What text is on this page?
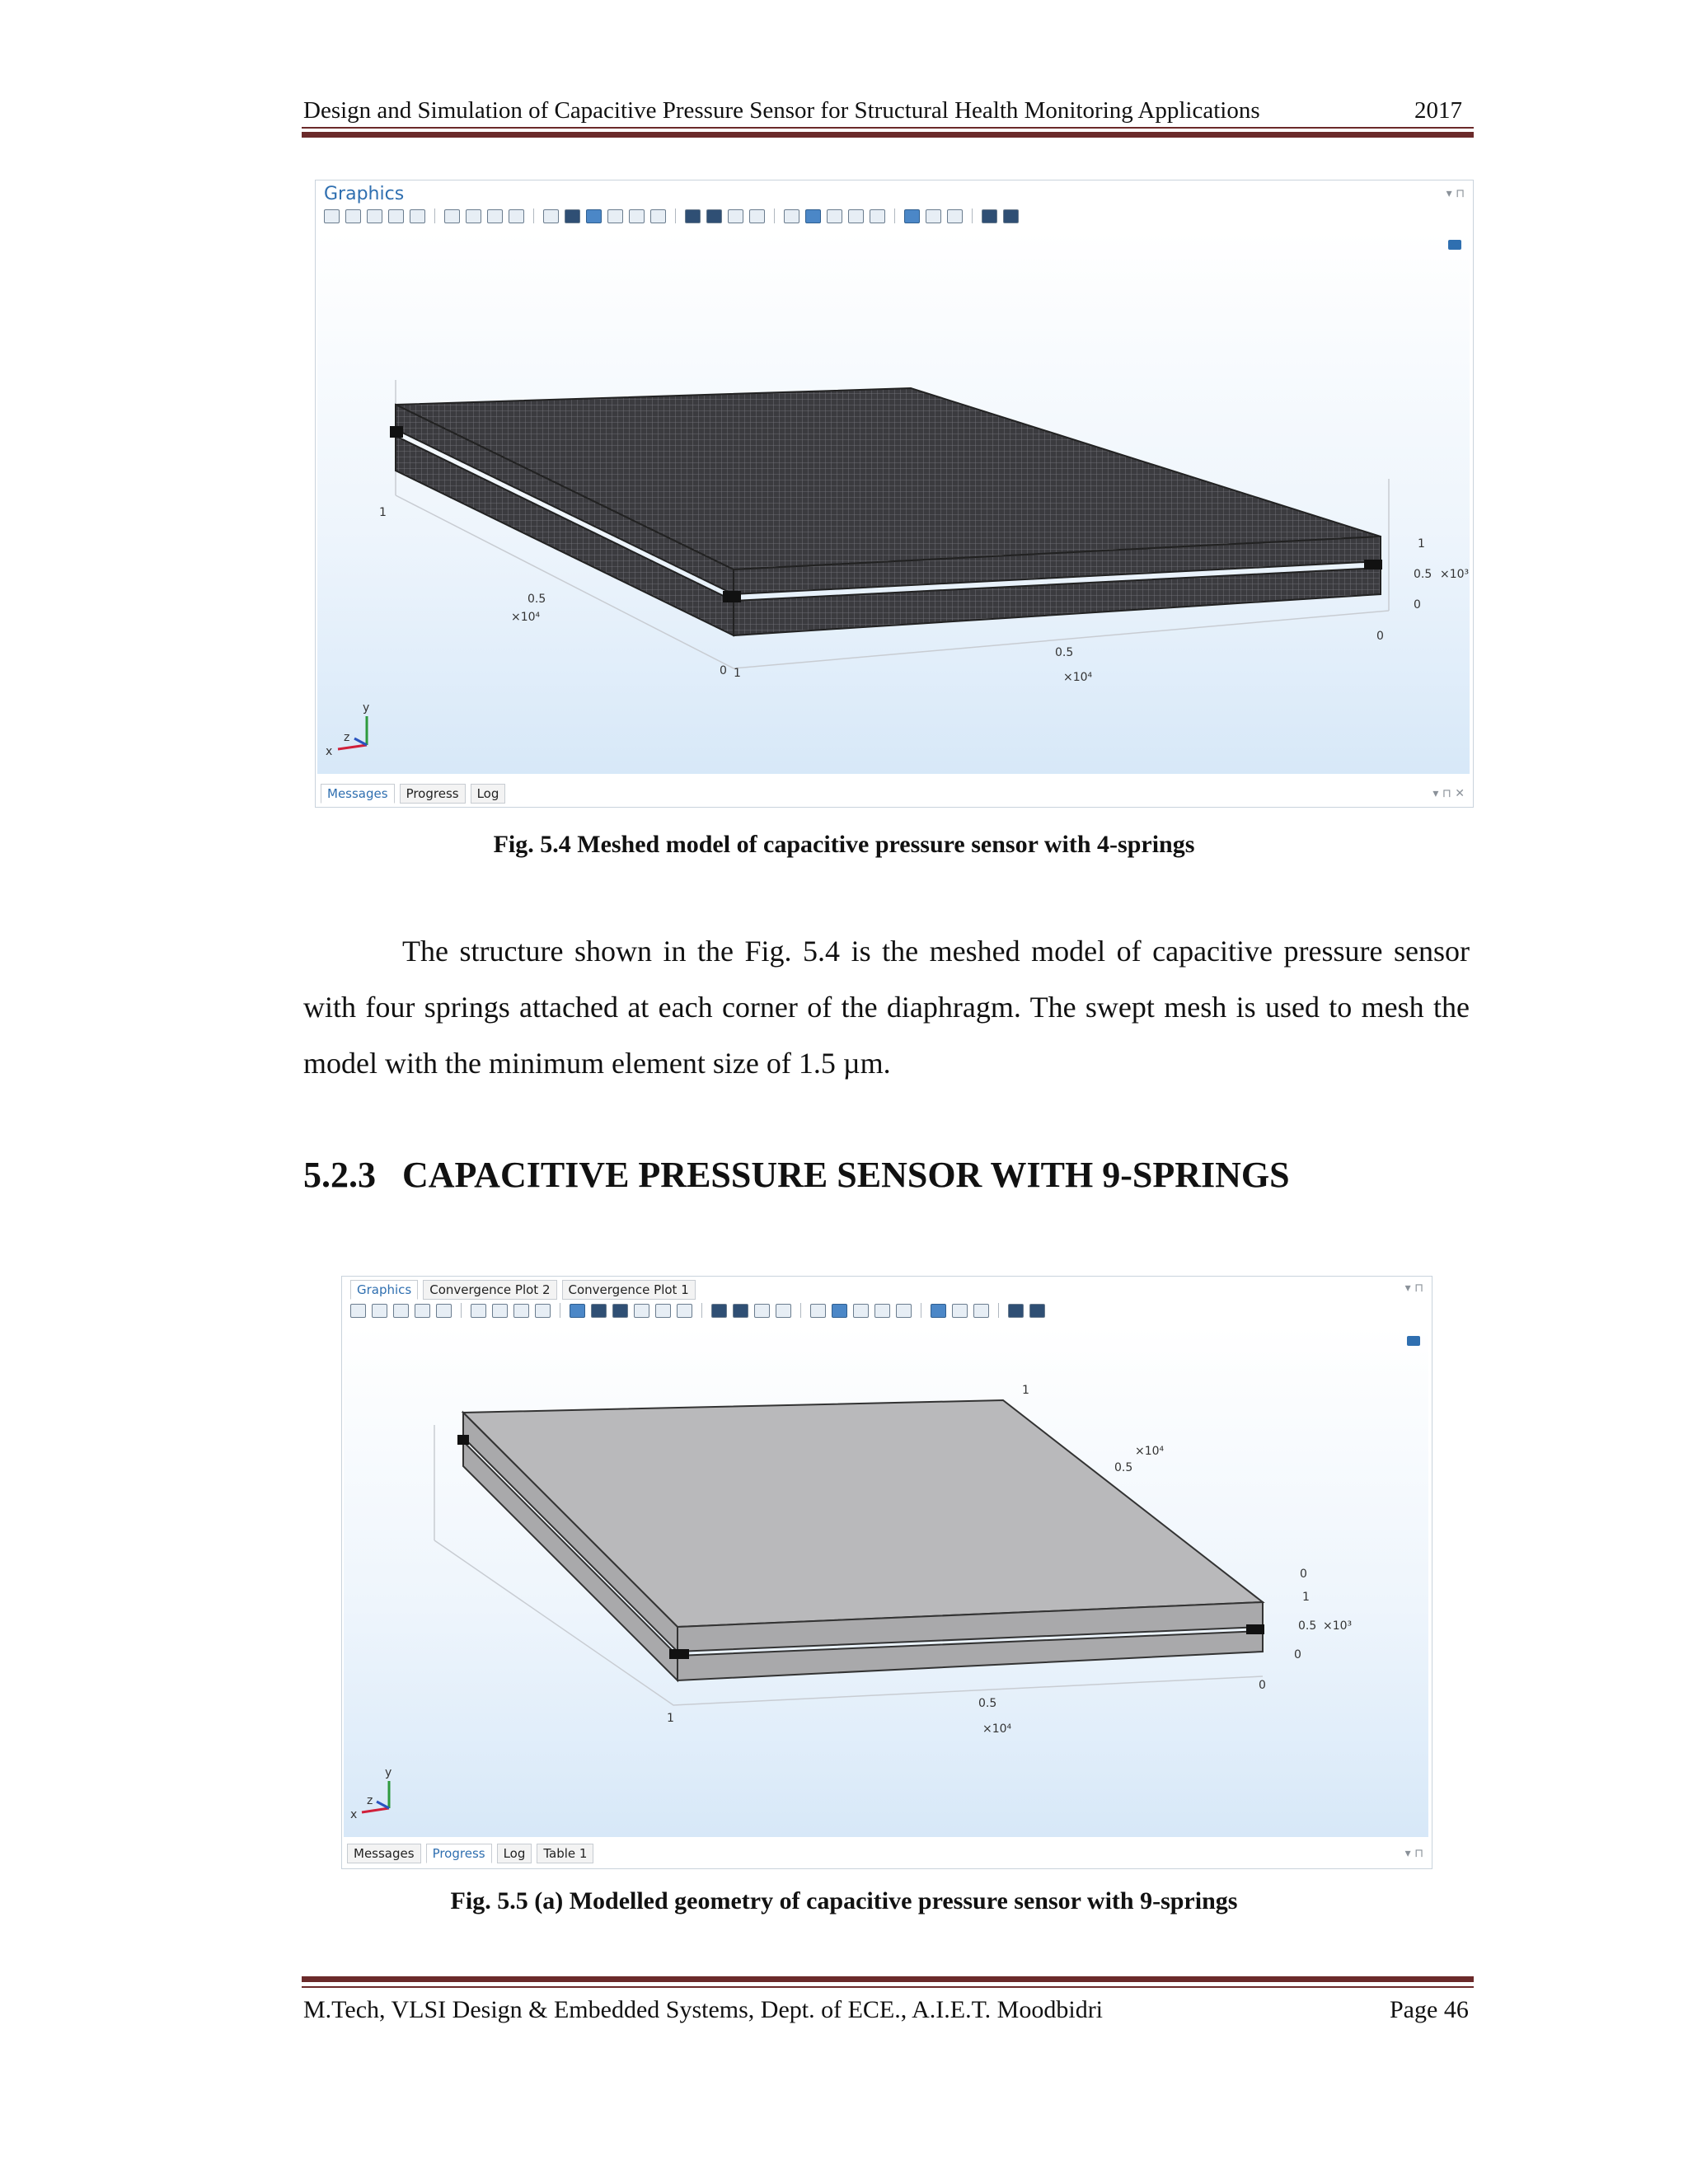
Design and Simulation of Capacitive Pressure Sensor for Structural Health Monitoring Applications	2017
Graphics	▾ ⊓
1
0.5
×10⁴
0 1
0.5
×10⁴
0
1
0.5 ×10³
0
y
x
z
Messages	Progress	Log	▾ ⊓ ✕
Fig. 5.4 Meshed model of capacitive pressure sensor with 4-springs
The structure shown in the Fig. 5.4 is the meshed model of capacitive pressure sensor with four springs attached at each corner of the diaphragm. The swept mesh is used to mesh the model with the minimum element size of 1.5 µm.
5.2.3 CAPACITIVE PRESSURE SENSOR WITH 9-SPRINGS
Graphics	Convergence Plot 2	Convergence Plot 1	▾ ⊓
1
×10⁴
0.5
0
1
0.5 ×10³
0
0
0.5
×10⁴
1
y
x
z
Messages	Progress	Log	Table 1	▾ ⊓
Fig. 5.5 (a) Modelled geometry of capacitive pressure sensor with 9-springs
M.Tech, VLSI Design & Embedded Systems, Dept. of ECE., A.I.E.T. Moodbidri	Page 46
